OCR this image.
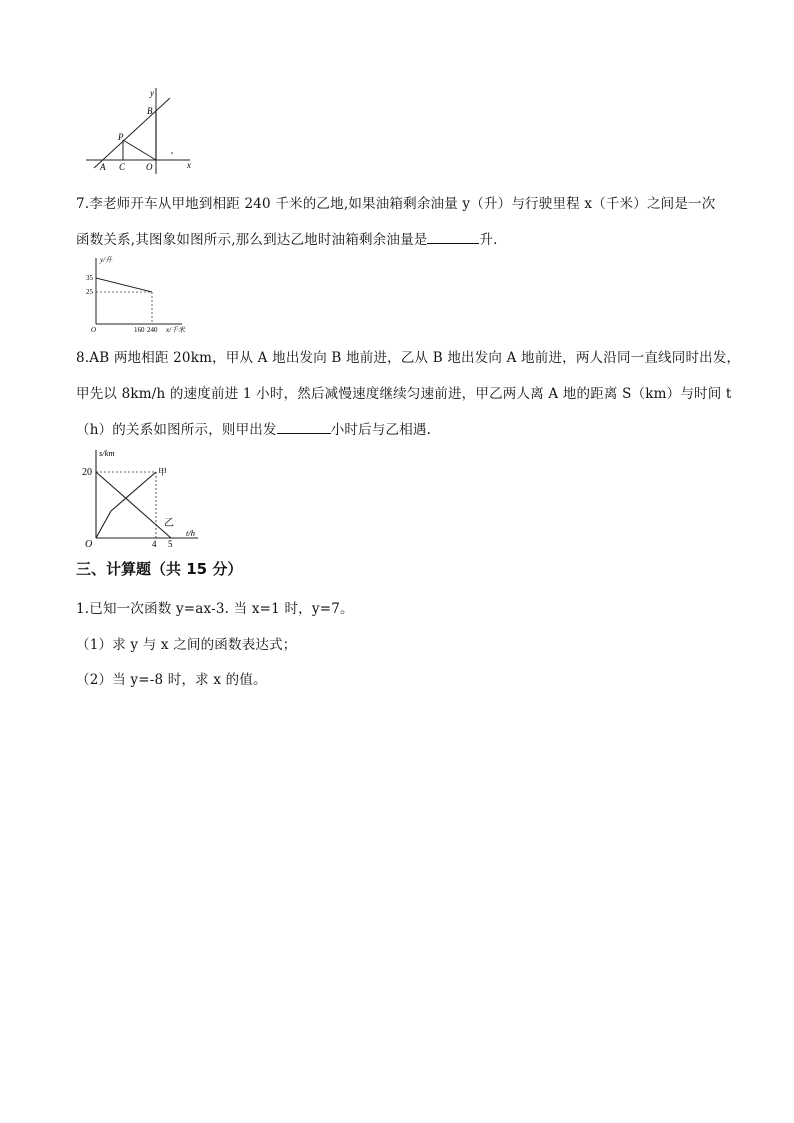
y
x
B
P
A C O
7.李老师开车从甲地到相距 240 千米的乙地,如果油箱剩余油量 y（升）与行驶里程 x（千米）之间是一次
函数关系,其图象如图所示,那么到达乙地时油箱剩余油量是	升.
y/升
35
25
O	160 240 x/千米
8.AB 两地相距 20km，甲从 A 地出发向 B 地前进，乙从 B 地出发向 A 地前进，两人沿同一直线同时出发，
甲先以 8km/h 的速度前进 1 小时，然后减慢速度继续匀速前进，甲乙两人离 A 地的距离 S（km）与时间 t
（h）的关系如图所示，则甲出发	小时后与乙相遇.
s/km
20	甲
乙
O	4 5
t/h
三、计算题（共 15 分）
1.已知一次函数 y=ax-3. 当 x=1 时，y=7。
（1）求 y 与 x 之间的函数表达式；
（2）当 y=-8 时，求 x 的值。
